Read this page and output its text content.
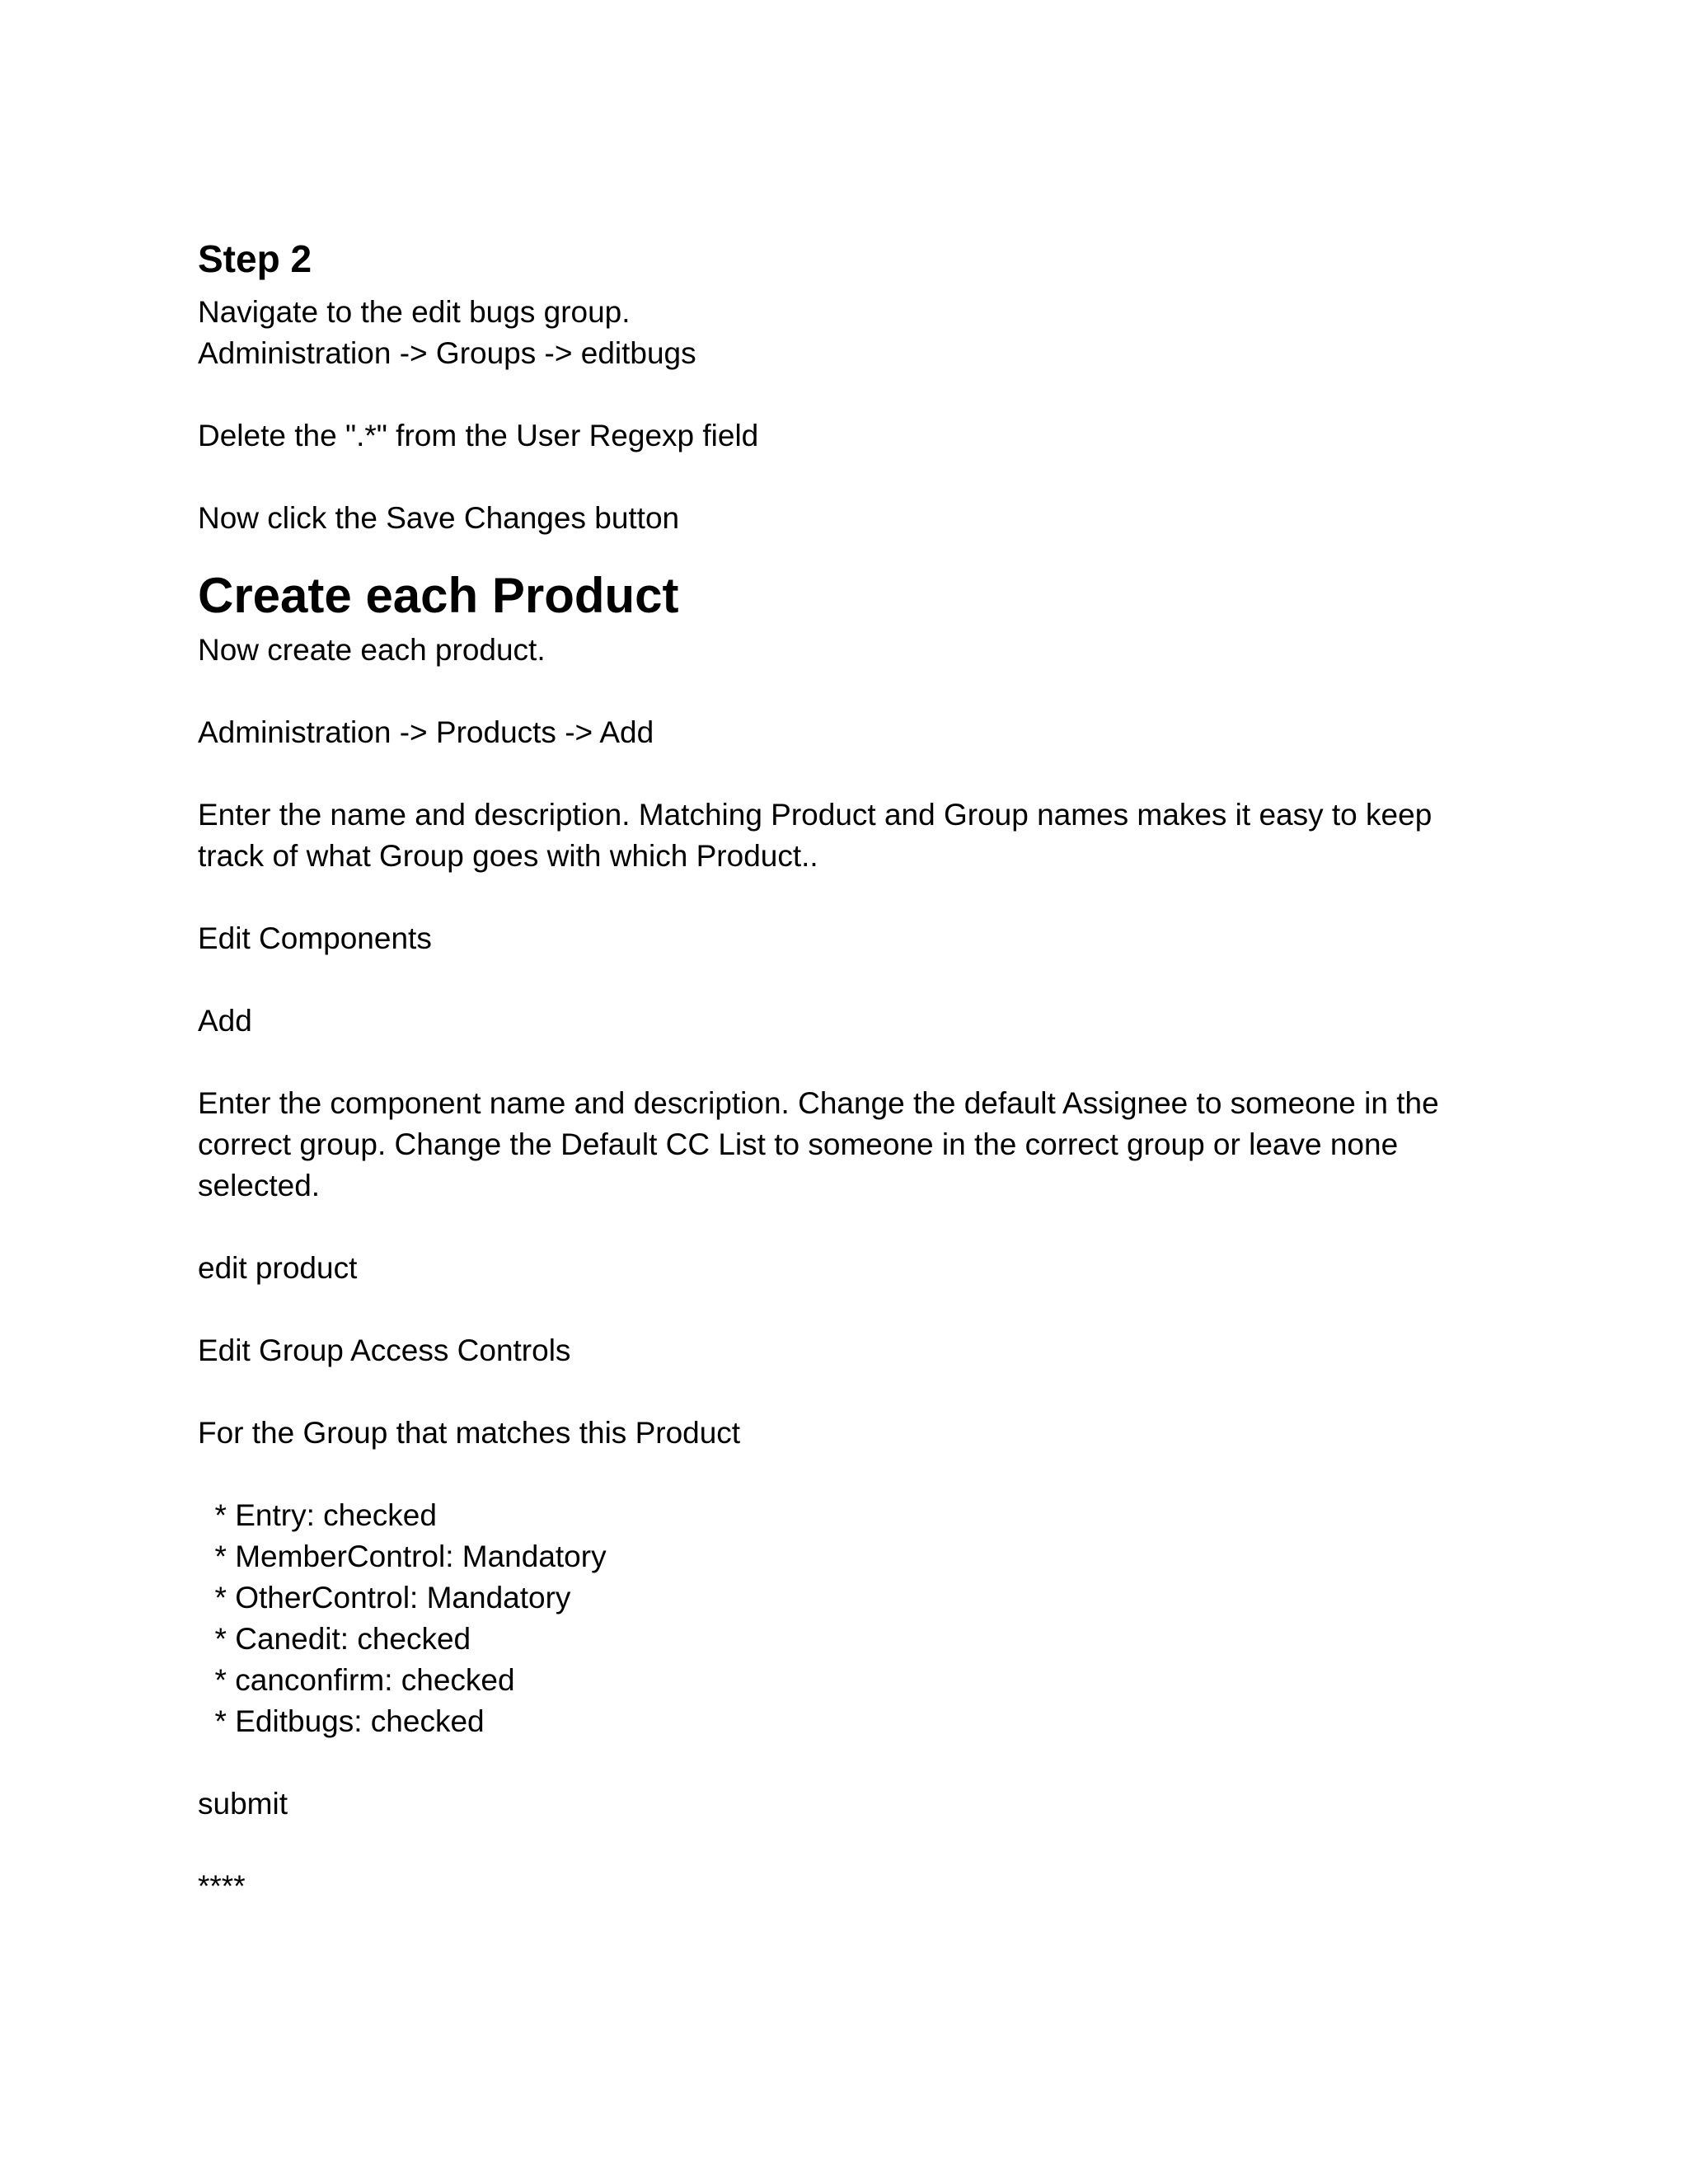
Step 2

Navigate to the edit bugs group.

Administration -> Groups -> editbugs

Delete the ".*" from the User Regexp field

Now click the Save Changes button

Create each Product

Now create each product.

Administration -> Products -> Add

Enter the name and description. Matching Product and Group names makes it easy to keep

track of what Group goes with which Product..

Edit Components

Add

Enter the component name and description. Change the default Assignee to someone in the

correct group. Change the Default CC List to someone in the correct group or leave none

selected.

edit product

Edit Group Access Controls

For the Group that matches this Product

* Entry: checked
* MemberControl: Mandatory
* OtherControl: Mandatory
* Canedit: checked
* canconfirm: checked
* Editbugs: checked

submit

****
